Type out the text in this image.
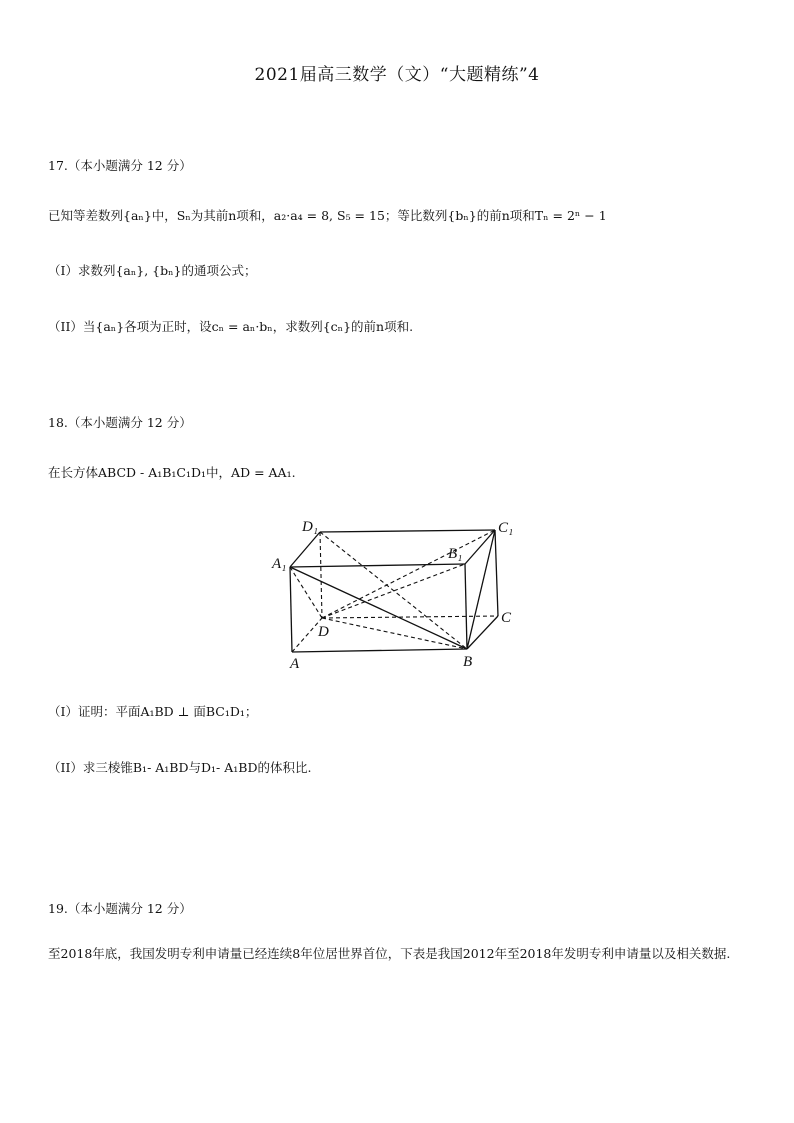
2021届高三数学（文）“大题精练”4
17.（本小题满分 12 分）
已知等差数列{aₙ}中，Sₙ为其前n项和，a₂·a₄ = 8, S₅ = 15；等比数列{bₙ}的前n项和Tₙ = 2ⁿ − 1
（I）求数列{aₙ}, {bₙ}的通项公式；
（II）当{aₙ}各项为正时，设cₙ = aₙ·bₙ，求数列{cₙ}的前n项和.
18.（本小题满分 12 分）
在长方体ABCD - A₁B₁C₁D₁中，AD = AA₁.
D₁	C₁
B₁
A₁
D
C
A	B
（I）证明：平面A₁BD ⊥ 面BC₁D₁；
（II）求三棱锥B₁- A₁BD与D₁- A₁BD的体积比.
19.（本小题满分 12 分）
至2018年底，我国发明专利申请量已经连续8年位居世界首位，下表是我国2012年至2018年发明专利申请量以及相关数据.
